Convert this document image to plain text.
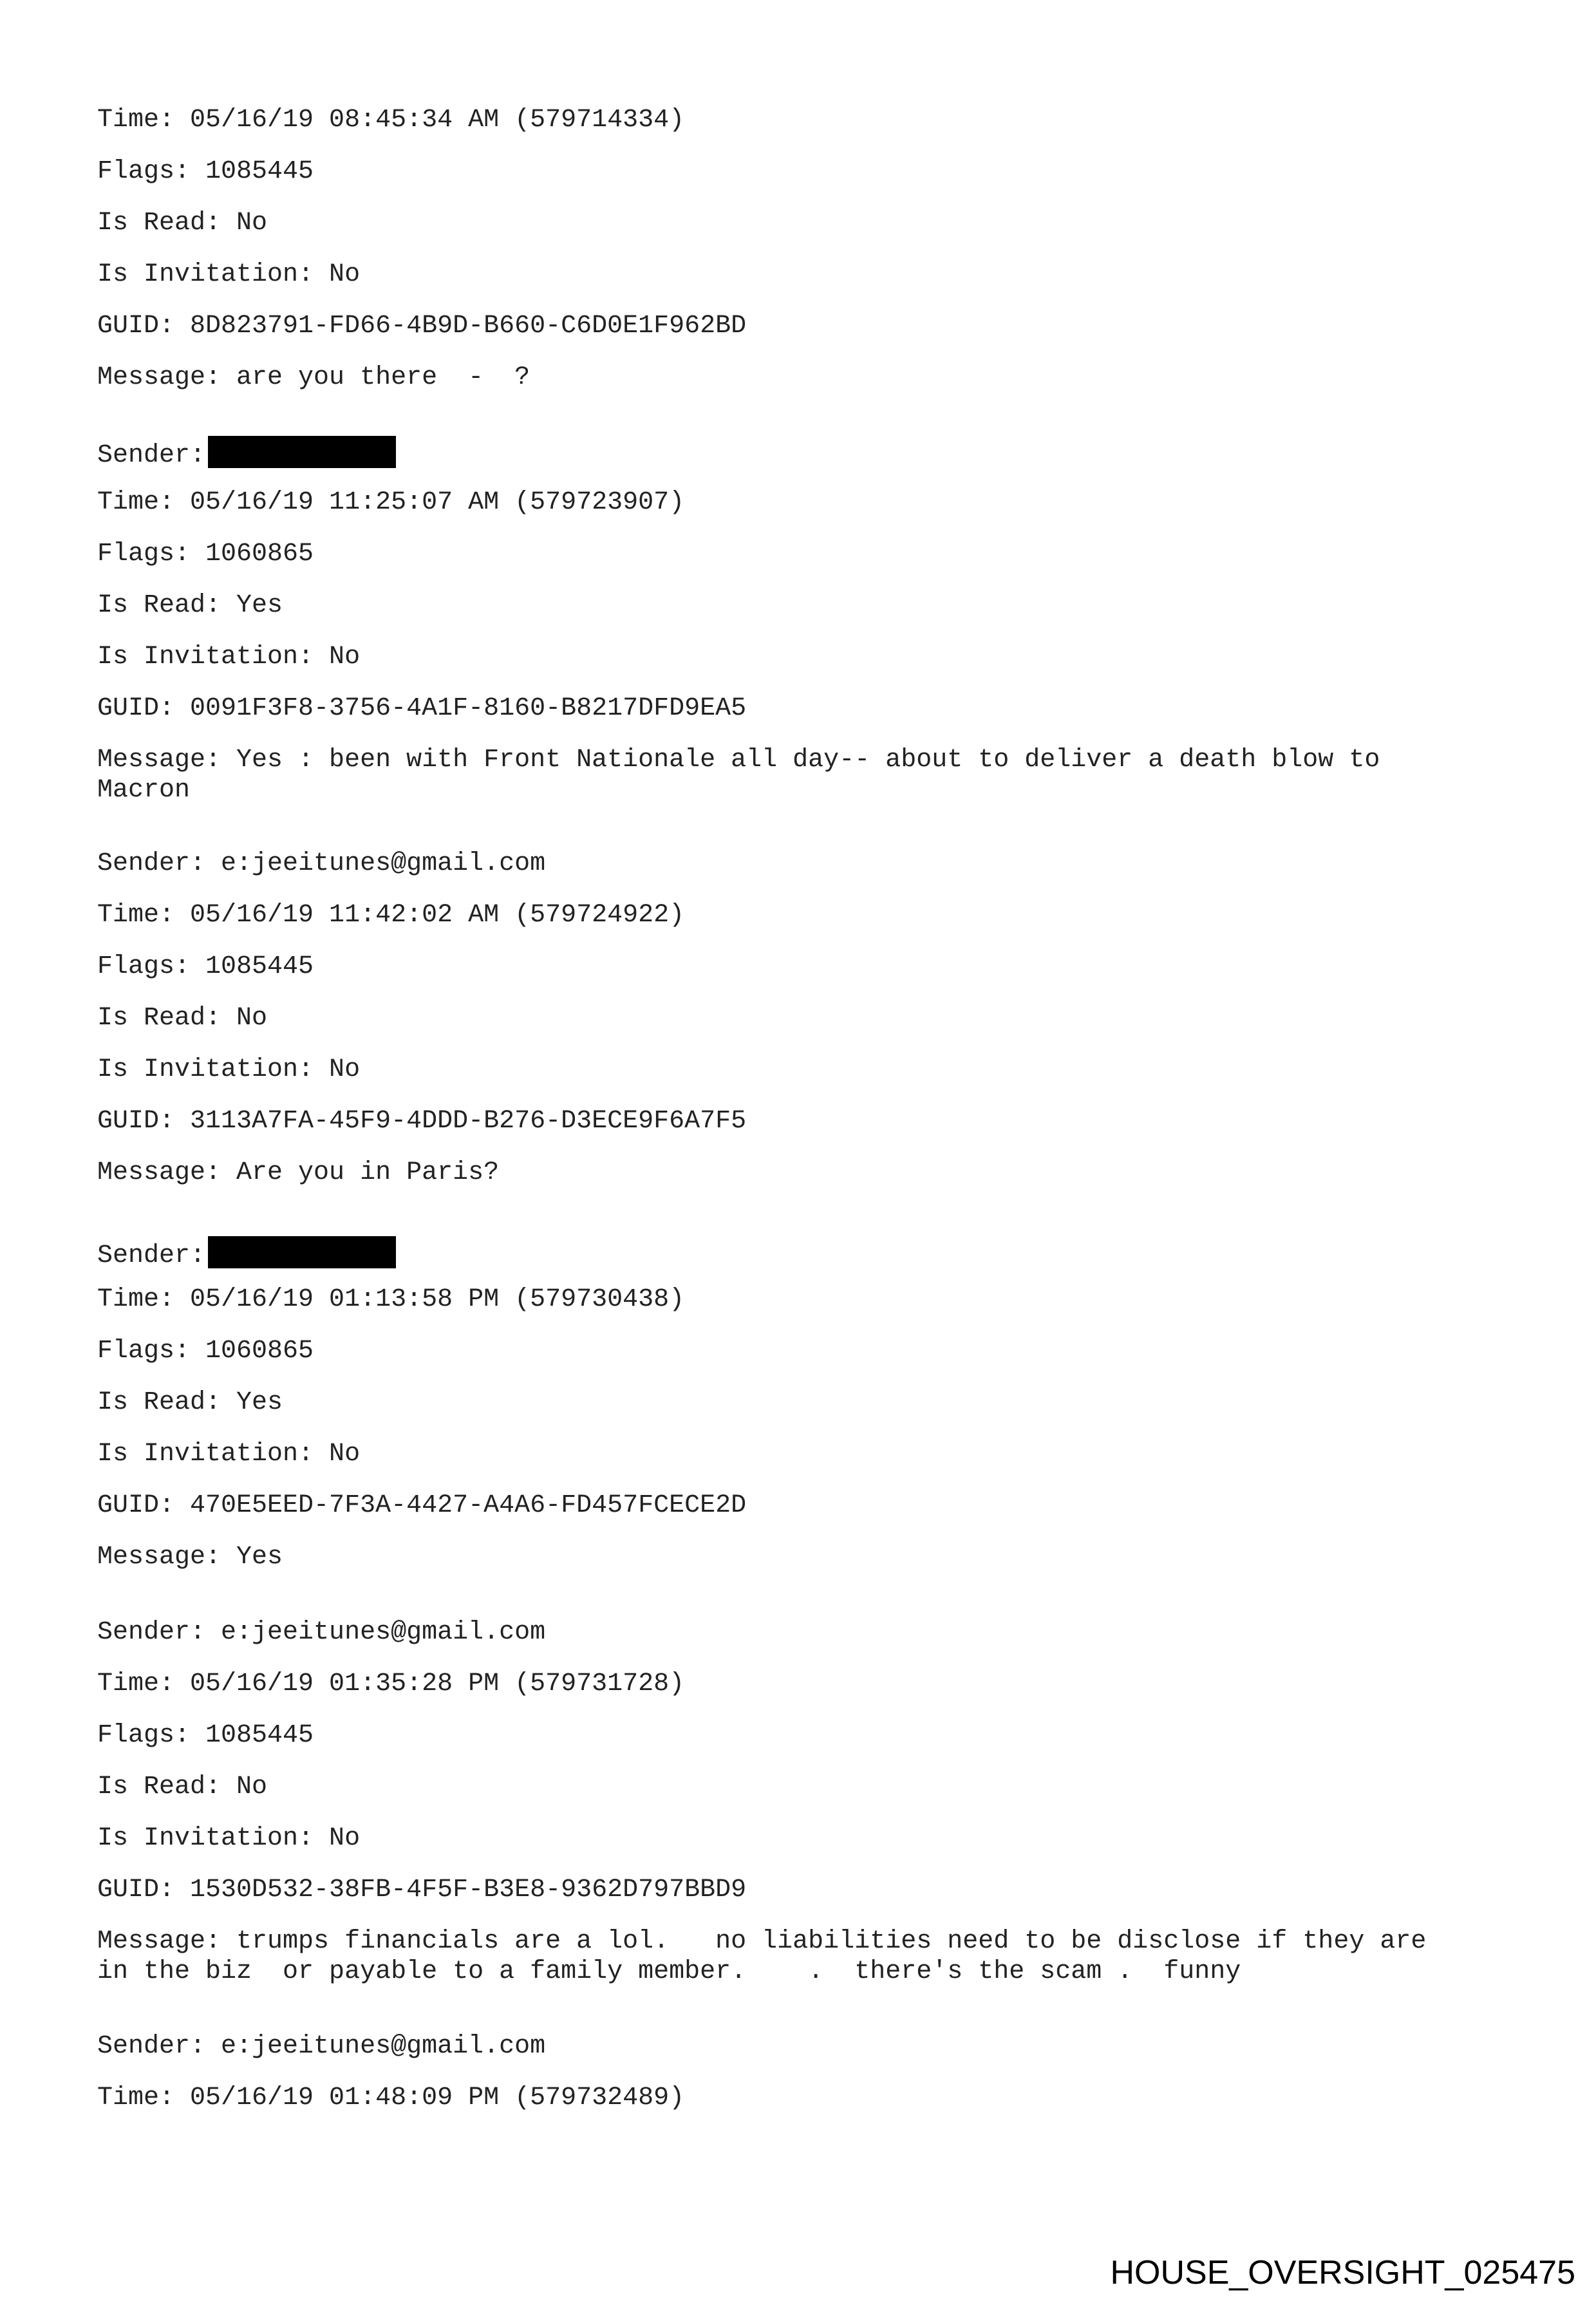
Time: 05/16/19 08:45:34 AM (579714334)

Flags: 1085445

Is Read: No

Is Invitation: No

GUID: 8D823791-FD66-4B9D-B660-C6D0E1F962BD

Message: are you there  -  ?

Sender:

Time: 05/16/19 11:25:07 AM (579723907)

Flags: 1060865

Is Read: Yes

Is Invitation: No

GUID: 0091F3F8-3756-4A1F-8160-B8217DFD9EA5

Message: Yes : been with Front Nationale all day-- about to deliver a death blow to

Macron

Sender: e:jeeitunes@gmail.com

Time: 05/16/19 11:42:02 AM (579724922)

Flags: 1085445

Is Read: No

Is Invitation: No

GUID: 3113A7FA-45F9-4DDD-B276-D3ECE9F6A7F5

Message: Are you in Paris?

Sender:

Time: 05/16/19 01:13:58 PM (579730438)

Flags: 1060865

Is Read: Yes

Is Invitation: No

GUID: 470E5EED-7F3A-4427-A4A6-FD457FCECE2D

Message: Yes

Sender: e:jeeitunes@gmail.com

Time: 05/16/19 01:35:28 PM (579731728)

Flags: 1085445

Is Read: No

Is Invitation: No

GUID: 1530D532-38FB-4F5F-B3E8-9362D797BBD9

Message: trumps financials are a lol.   no liabilities need to be disclose if they are

in the biz  or payable to a family member.    .  there's the scam .  funny

Sender: e:jeeitunes@gmail.com

Time: 05/16/19 01:48:09 PM (579732489)

HOUSE_OVERSIGHT_025475
